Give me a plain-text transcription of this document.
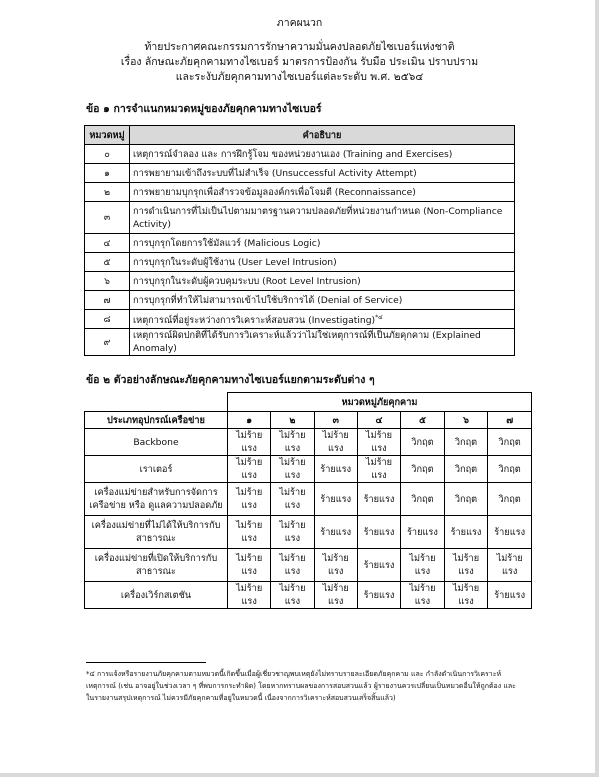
ภาคผนวก
ท้ายประกาศคณะกรรมการรักษาความมั่นคงปลอดภัยไซเบอร์แห่งชาติ
เรื่อง ลักษณะภัยคุกคามทางไซเบอร์ มาตรการป้องกัน รับมือ ประเมิน ปราบปราม
และระงับภัยคุกคามทางไซเบอร์แต่ละระดับ พ.ศ. ๒๕๖๔
ข้อ ๑ การจำแนกหมวดหมู่ของภัยคุกคามทางไซเบอร์
หมวดหมู่	คำอธิบาย
๐	เหตุการณ์จำลอง และ การฝึกรู้โจม ของหน่วยงานเอง (Training and Exercises)
๑	การพยายามเข้าถึงระบบที่ไม่สำเร็จ (Unsuccessful Activity Attempt)
๒	การพยายามบุกรุกเพื่อสำรวจข้อมูลองค์กรเพื่อโจมตี (Reconnaissance)
๓	การดำเนินการที่ไม่เป็นไปตามมาตรฐานความปลอดภัยที่หน่วยงานกำหนด (Non-Compliance Activity)
๔	การบุกรุกโดยการใช้มัลแวร์ (Malicious Logic)
๕	การบุกรุกในระดับผู้ใช้งาน (User Level Intrusion)
๖	การบุกรุกในระดับผู้ควบคุมระบบ (Root Level Intrusion)
๗	การบุกรุกที่ทำให้ไม่สามารถเข้าไปใช้บริการได้ (Denial of Service)
๘	เหตุการณ์ที่อยู่ระหว่างการวิเคราะห์สอบสวน (Investigating)$^{*๔}$
๙	เหตุการณ์ผิดปกติที่ได้รับการวิเคราะห์แล้วว่าไม่ใช่เหตุการณ์ที่เป็นภัยคุกคาม (Explained Anomaly)
ข้อ ๒ ตัวอย่างลักษณะภัยคุกคามทางไซเบอร์แยกตามระดับต่าง ๆ
	หมวดหมู่ภัยคุกคาม						
ประเภทอุปกรณ์เครือข่าย	๑	๒	๓	๔	๕	๖	๗
Backbone	ไม่ร้ายแรง	ไม่ร้ายแรง	ไม่ร้ายแรง	ไม่ร้ายแรง	วิกฤต	วิกฤต	วิกฤต
เราเตอร์	ไม่ร้ายแรง	ไม่ร้ายแรง	ร้ายแรง	ไม่ร้ายแรง	วิกฤต	วิกฤต	วิกฤต
เครื่องแม่ข่ายสำหรับการจัดการเครือข่าย หรือ ดูแลความปลอดภัย	ไม่ร้ายแรง	ไม่ร้ายแรง	ร้ายแรง	ร้ายแรง	วิกฤต	วิกฤต	วิกฤต
เครื่องแม่ข่ายที่ไม่ได้ให้บริการกับสาธารณะ	ไม่ร้ายแรง	ไม่ร้ายแรง	ร้ายแรง	ร้ายแรง	ร้ายแรง	ร้ายแรง	ร้ายแรง
เครื่องแม่ข่ายที่เปิดให้บริการกับสาธารณะ	ไม่ร้ายแรง	ไม่ร้ายแรง	ไม่ร้ายแรง	ร้ายแรง	ไม่ร้ายแรง	ไม่ร้ายแรง	ไม่ร้ายแรง
เครื่องเวิร์กสเตชัน	ไม่ร้ายแรง	ไม่ร้ายแรง	ไม่ร้ายแรง	ร้ายแรง	ไม่ร้ายแรง	ไม่ร้ายแรง	ร้ายแรง
*๔ การแจ้งหรือรายงานภัยคุกคามตามหมวดนี้เกิดขึ้นเมื่อผู้เชี่ยวชาญพบเหตุยังไม่ทราบรายละเอียดภัยคุกคาม และ กำลังดำเนินการวิเคราะห์เหตุการณ์ (เช่น อาจอยู่ในช่วงเวลา ๆ ที่พบการกระทำผิด) โดยหากทราบผลของการสอบสวนแล้ว ผู้รายงานควรเปลี่ยนเป็นหมวดอื่นให้ถูกต้อง และ ในรายงานสรุปเหตุการณ์ ไม่ควรมีภัยคุกคามที่อยู่ในหมวดนี้ เนื่องจากการวิเคราะห์สอบสวนเสร็จสิ้นแล้ว)
